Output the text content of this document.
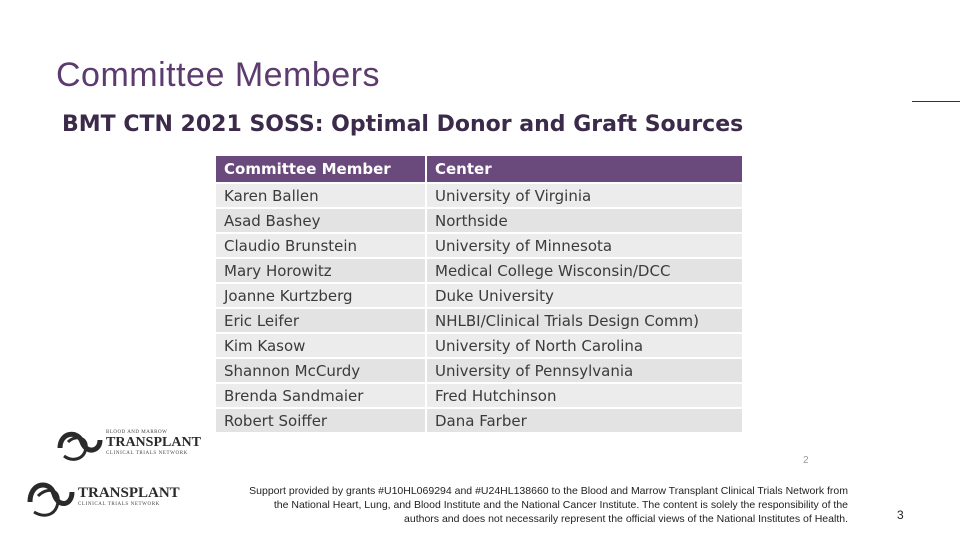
Committee Members
BMT CTN 2021 SOSS: Optimal Donor and Graft Sources
Committee Member	Center
Karen Ballen	University of Virginia
Asad Bashey	Northside
Claudio Brunstein	University of Minnesota
Mary Horowitz	Medical College Wisconsin/DCC
Joanne Kurtzberg	Duke University
Eric Leifer	NHLBI/Clinical Trials Design Comm)
Kim Kasow	University of North Carolina
Shannon McCurdy	University of Pennsylvania
Brenda Sandmaier	Fred Hutchinson
Robert Soiffer	Dana Farber
2
BLOOD AND MARROW
TRANSPLANT
CLINICAL TRIALS NETWORK
TRANSPLANT
CLINICAL TRIALS NETWORK
Support provided by grants #U10HL069294 and #U24HL138660 to the Blood and Marrow Transplant Clinical Trials Network from
the National Heart, Lung, and Blood Institute and the National Cancer Institute. The content is solely the responsibility of the
authors and does not necessarily represent the official views of the National Institutes of Health.	3
